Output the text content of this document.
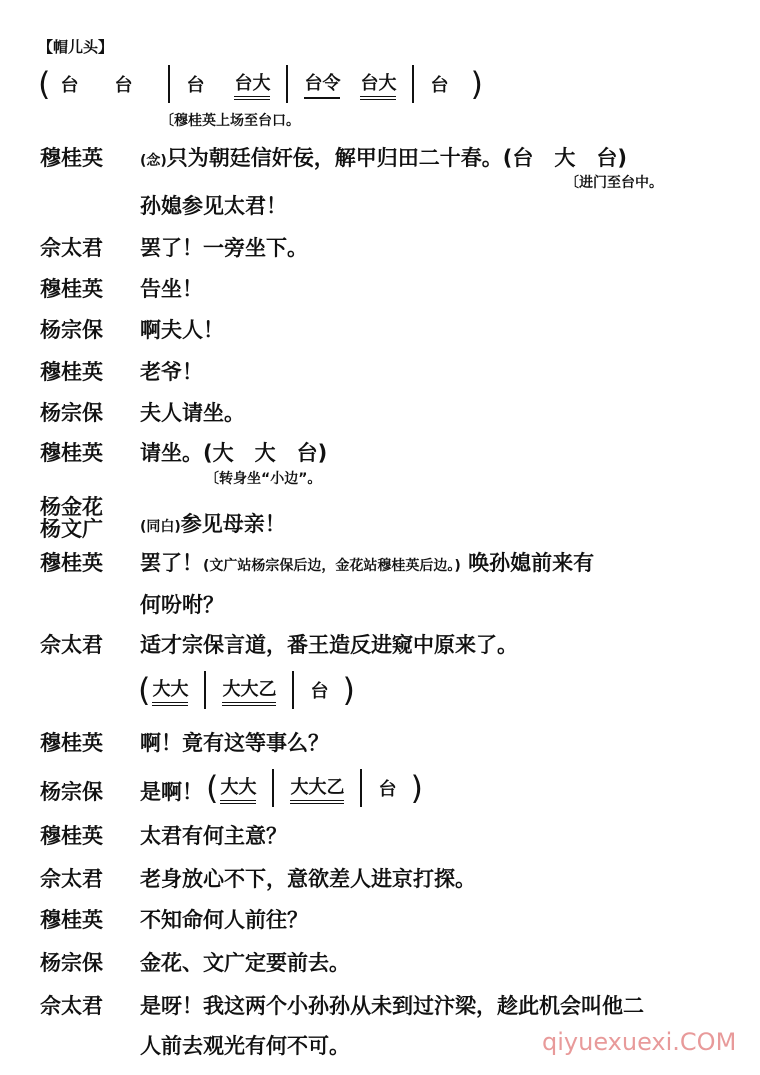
【帽儿头】
( 台 台	台 台大 台令 台大 台 )
〔穆桂英上场至台口。
穆桂英	(念)只为朝廷信奸佞，解甲归田二十春。(台　大　台)
〔进门至台中。
孙媳参见太君！
佘太君 罢了！一旁坐下。
穆桂英 告坐！
杨宗保 啊夫人！
穆桂英 老爷！
杨宗保 夫人请坐。
穆桂英 请坐。(大　大　台)
〔转身坐“小边”。
杨金花
杨文广	(同白)参见母亲！
穆桂英 罢了！(文广站杨宗保后边，金花站穆桂英后边。) 唤孙媳前来有
何吩咐？
佘太君 适才宗保言道，番王造反进窥中原来了。
( 大大 大大乙 台 )
穆桂英 啊！竟有这等事么？
杨宗保 是啊！ ( 大大 大大乙 台 )
穆桂英 太君有何主意？
佘太君 老身放心不下，意欲差人进京打探。
穆桂英 不知命何人前往？
杨宗保 金花、文广定要前去。
佘太君 是呀！我这两个小孙孙从未到过汴梁，趁此机会叫他二
人前去观光有何不可。	qiyuexuexi.COM
